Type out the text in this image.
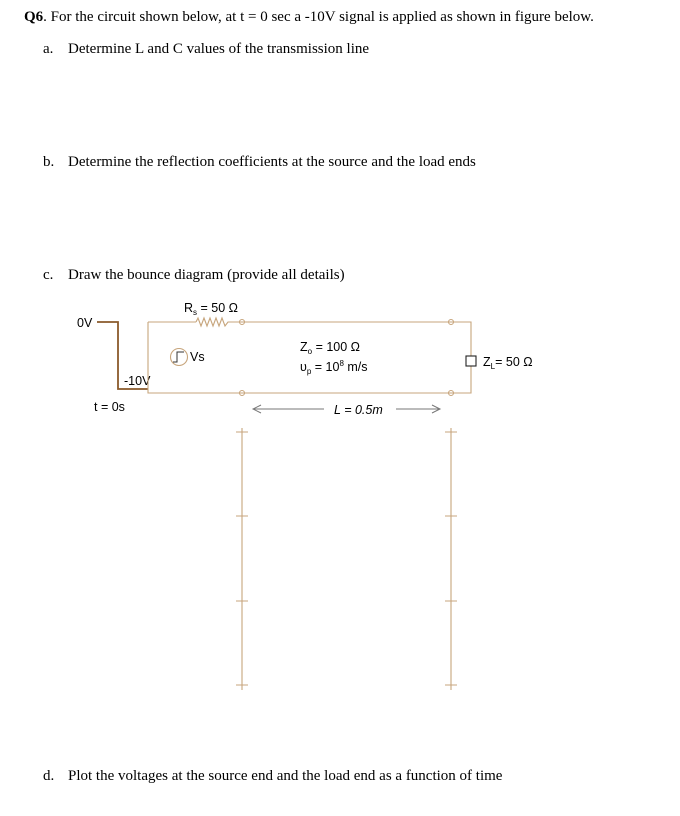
Q6. For the circuit shown below, at t = 0 sec a -10V signal is applied as shown in figure below.
a. Determine L and C values of the transmission line
b. Determine the reflection coefficients at the source and the load ends
c. Draw the bounce diagram (provide all details)
d. Plot the voltages at the source end and the load end as a function of time
0V
-10V
t = 0s
$R_s = 50$ Ω
Vs
$Z_o = 100$ Ω
$\upsilon_p = 10^8$ m/s	$Z_L= 50$ Ω
L = 0.5m
